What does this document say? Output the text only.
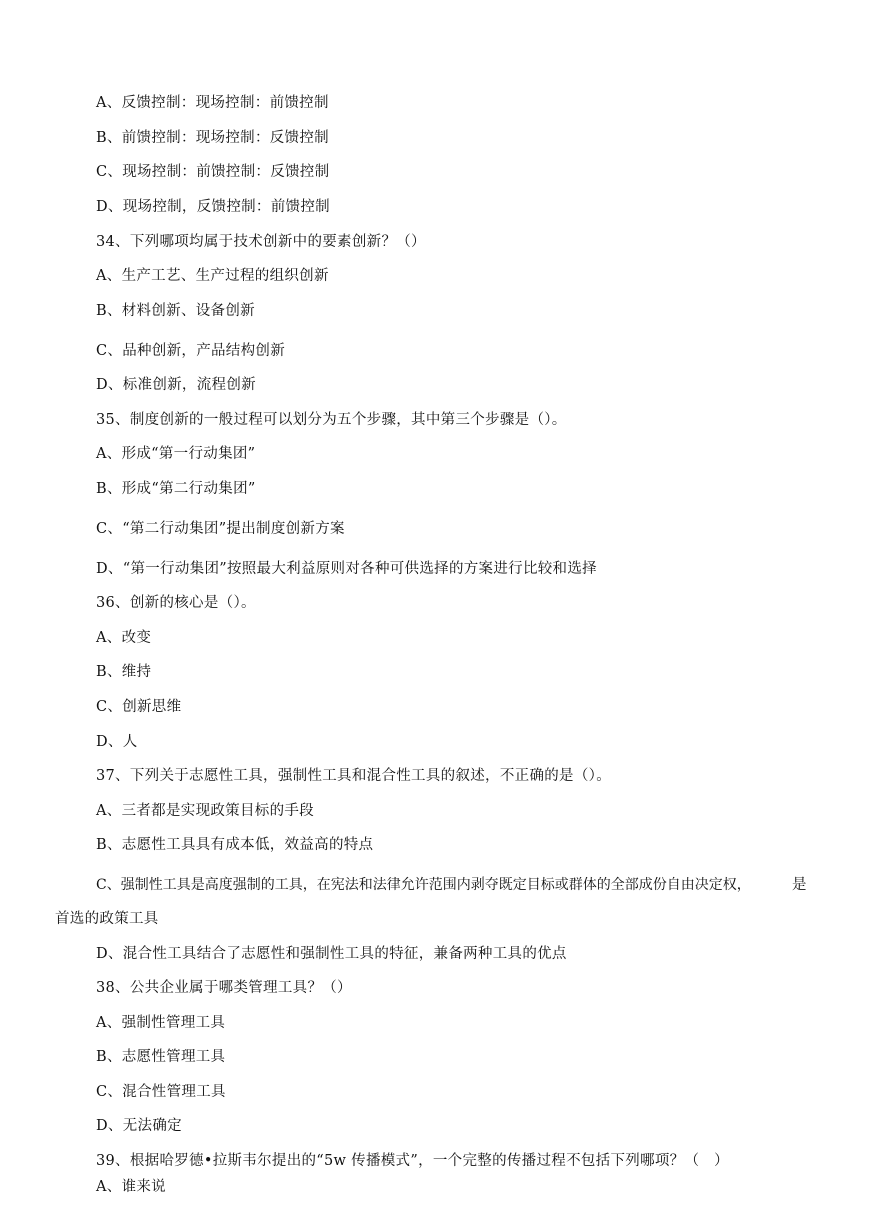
A、反馈控制：现场控制：前馈控制
B、前馈控制：现场控制：反馈控制
C、现场控制：前馈控制：反馈控制
D、现场控制，反馈控制：前馈控制
34、下列哪项均属于技术创新中的要素创新？（）
A、生产工艺、生产过程的组织创新
B、材料创新、设备创新
C、品种创新，产品结构创新
D、标准创新，流程创新
35、制度创新的一般过程可以划分为五个步骤，其中第三个步骤是（）。
A、形成“第一行动集团”
B、形成“第二行动集团”
C、“第二行动集团”提出制度创新方案
D、“第一行动集团”按照最大利益原则对各种可供选择的方案进行比较和选择
36、创新的核心是（）。
A、改变
B、维持
C、创新思维
D、人
37、下列关于志愿性工具，强制性工具和混合性工具的叙述，不正确的是（）。
A、三者都是实现政策目标的手段
B、志愿性工具具有成本低，效益高的特点
C、强制性工具是高度强制的工具，在宪法和法律允许范围内剥夺既定目标或群体的全部成份自由决定权，	是
首选的政策工具
D、混合性工具结合了志愿性和强制性工具的特征，兼备两种工具的优点
38、公共企业属于哪类管理工具？（）
A、强制性管理工具
B、志愿性管理工具
C、混合性管理工具
D、无法确定
39、根据哈罗德•拉斯韦尔提出的“5w 传播模式”，一个完整的传播过程不包括下列哪项？（　）
A、谁来说
